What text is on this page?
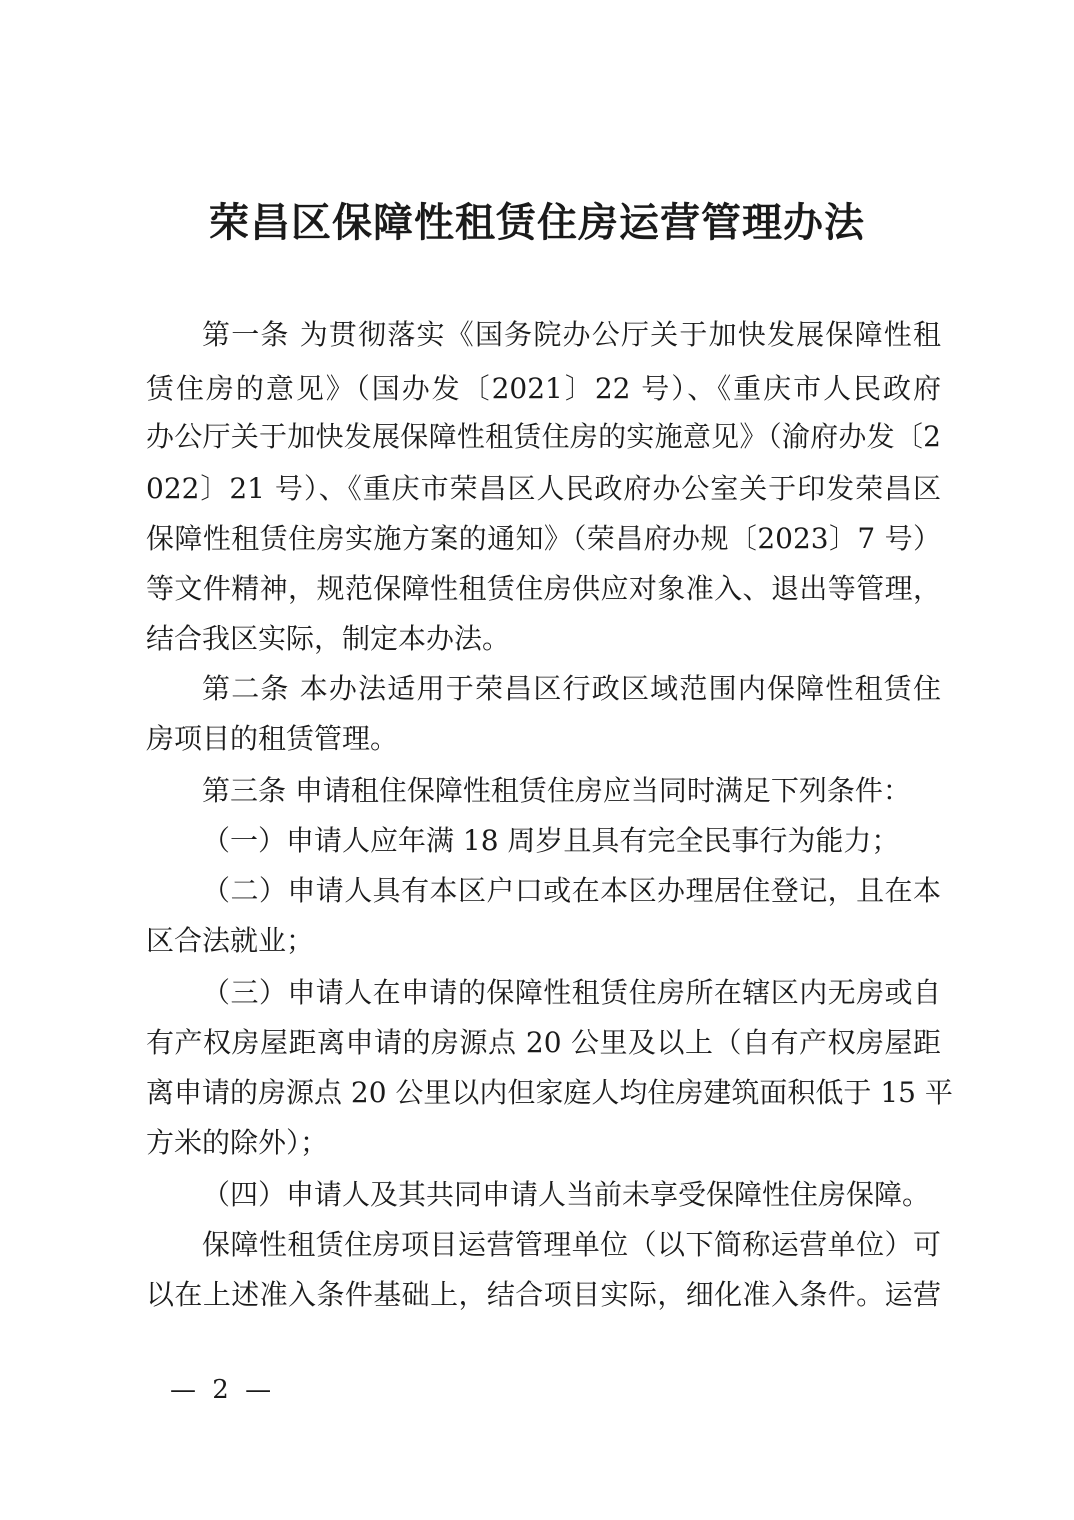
荣昌区保障性租赁住房运营管理办法
第一条 为贯彻落实《国务院办公厅关于加快发展保障性租
赁住房的意见》（国办发〔2021〕22 号）、《重庆市人民政府
办公厅关于加快发展保障性租赁住房的实施意见》（渝府办发〔2
022〕21 号）、《重庆市荣昌区人民政府办公室关于印发荣昌区
保障性租赁住房实施方案的通知》（荣昌府办规〔2023〕7 号）
等文件精神，规范保障性租赁住房供应对象准入、退出等管理，
结合我区实际，制定本办法。
第二条 本办法适用于荣昌区行政区域范围内保障性租赁住
房项目的租赁管理。
第三条 申请租住保障性租赁住房应当同时满足下列条件：
（一）申请人应年满 18 周岁且具有完全民事行为能力；
（二）申请人具有本区户口或在本区办理居住登记，且在本
区合法就业；
（三）申请人在申请的保障性租赁住房所在辖区内无房或自
有产权房屋距离申请的房源点 20 公里及以上（自有产权房屋距
离申请的房源点 20 公里以内但家庭人均住房建筑面积低于 15 平
方米的除外）；
（四）申请人及其共同申请人当前未享受保障性住房保障。
保障性租赁住房项目运营管理单位（以下简称运营单位）可
以在上述准入条件基础上，结合项目实际，细化准入条件。运营
— 2 —
